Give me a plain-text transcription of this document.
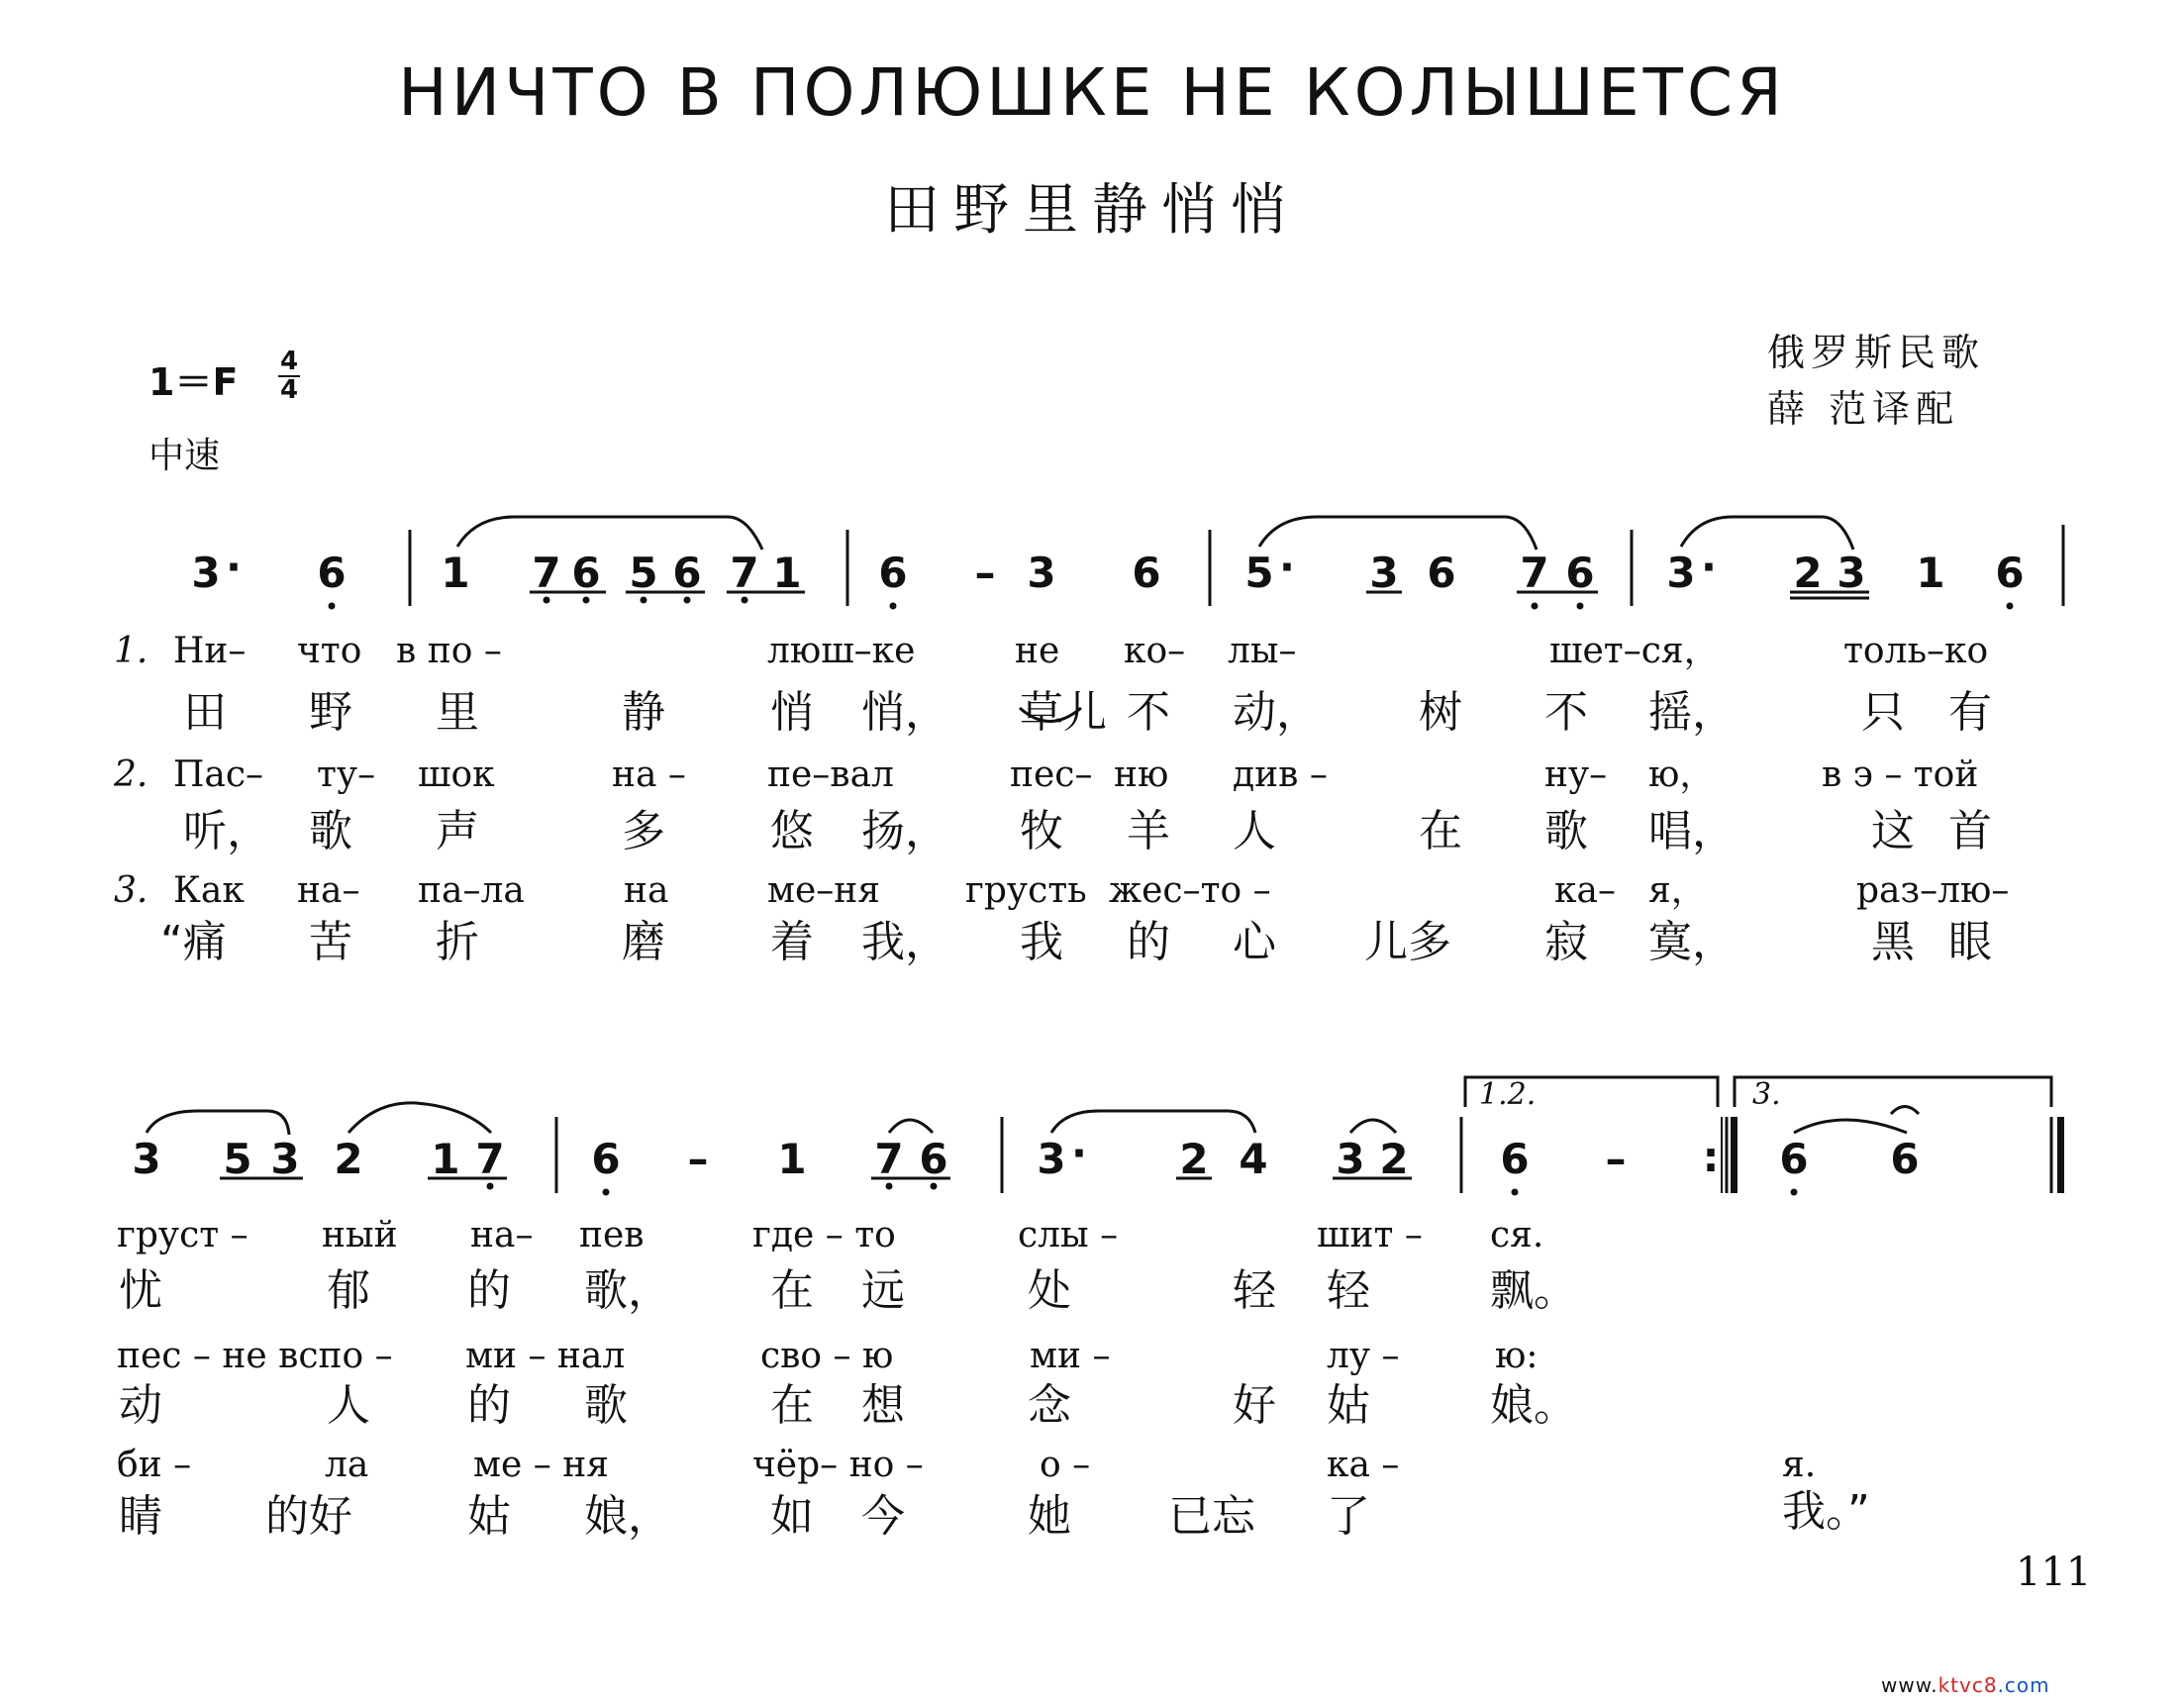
НИЧТО В ПОЛЮШКЕ НЕ КОЛЫШЕТСЯ
田野里静悄悄
俄罗斯民歌
薛 范译配
1＝F 4
4
中速
3 · 6 1 7 6 5 6 7 1 6 – 3 6 5 · 3 6 7 6 3 · 2 3 1 6
1. Ни– что в по –	люш–ке	не ко– лы–	шет–ся，	толь–ко
田 野 里	静 悄 悄， 草儿 不 动， 树 不 摇，	只 有
2. Пас– ту– шок	на – пе–вал	пес– ню див –	ну– ю，	в э – той
听， 歌 声	多 悠 扬， 牧 羊 人	在 歌 唱，	这 首
3. Как на– па–ла	на	ме–ня грусть жес–то –	ка– я，	раз–лю–
“痛 苦 折	磨 着 我， 我 的 心 儿多 寂 寞，	黑 眼
3 5 3 2 1 7 6 – 1 7 6 3 · 2 4 3 2 6 – : 6 6
1.2.	3.
груст – ный на– пев	где – то	слы –	шит – ся.
忧	郁 的 歌， 在 远	处	轻 轻	飘。
пес – не вспо – ми – нал	сво – ю	ми –	лу –	ю:
动	人 的 歌	在 想	念	好 姑	娘。
би –	ла	ме – ня	чёр– но –	о –	ка –	я.
睛 的好	姑 娘， 如 今	她 已忘 了	我。”
111
www.ktvc8.com
